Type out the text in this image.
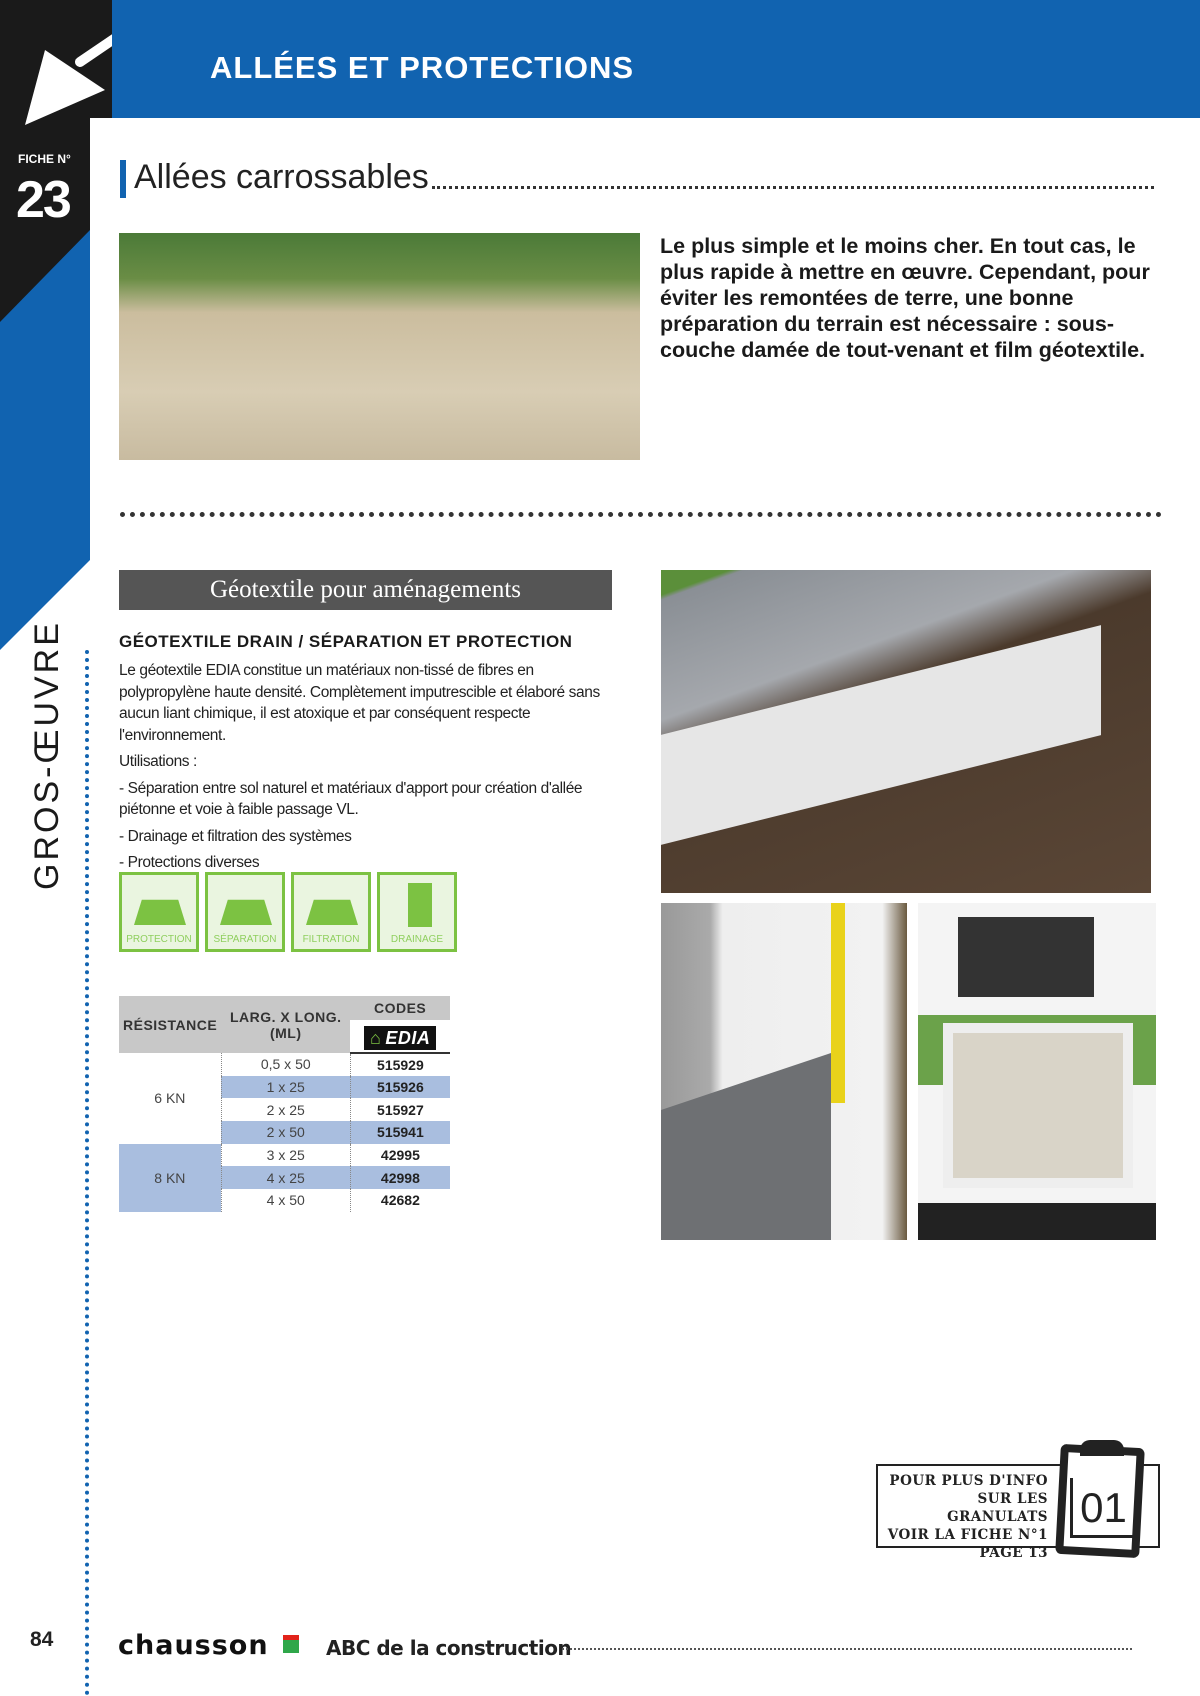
ALLÉES ET PROTECTIONS
FICHE N°
23
GROS-ŒUVRE
Allées carrossables
Le plus simple et le moins cher. En tout cas, le plus rapide à mettre en œuvre. Cependant, pour éviter les remontées de terre, une bonne préparation du terrain est nécessaire : sous-couche damée de tout-venant et film géotextile.
Géotextile pour aménagements
GÉOTEXTILE DRAIN / SÉPARATION ET PROTECTION

Le géotextile EDIA constitue un matériaux non-tissé de fibres en polypropylène haute densité. Complètement imputrescible et élaboré sans aucun liant chimique, il est atoxique et par conséquent respecte l'environnement.

Utilisations :

- Séparation entre sol naturel et matériaux d'apport pour création d'allée piétonne et voie à faible passage VL.

- Drainage et filtration des systèmes

- Protections diverses

PROTECTION	SÉPARATION	FILTRATION	DRAINAGE
RÉSISTANCE	LARG. X LONG. (ML)	CODES

		⌂ EDIA

6 KN	0,5 x 50	515929
	1 x 25	515926
	2 x 25	515927
	2 x 50	515941
8 KN	3 x 25	42995
	4 x 25	42998
	4 x 50	42682
POUR PLUS D'INFO
SUR LES GRANULATS
VOIR LA FICHE N°1
PAGE 13
01
84 chausson	ABC de la construction
